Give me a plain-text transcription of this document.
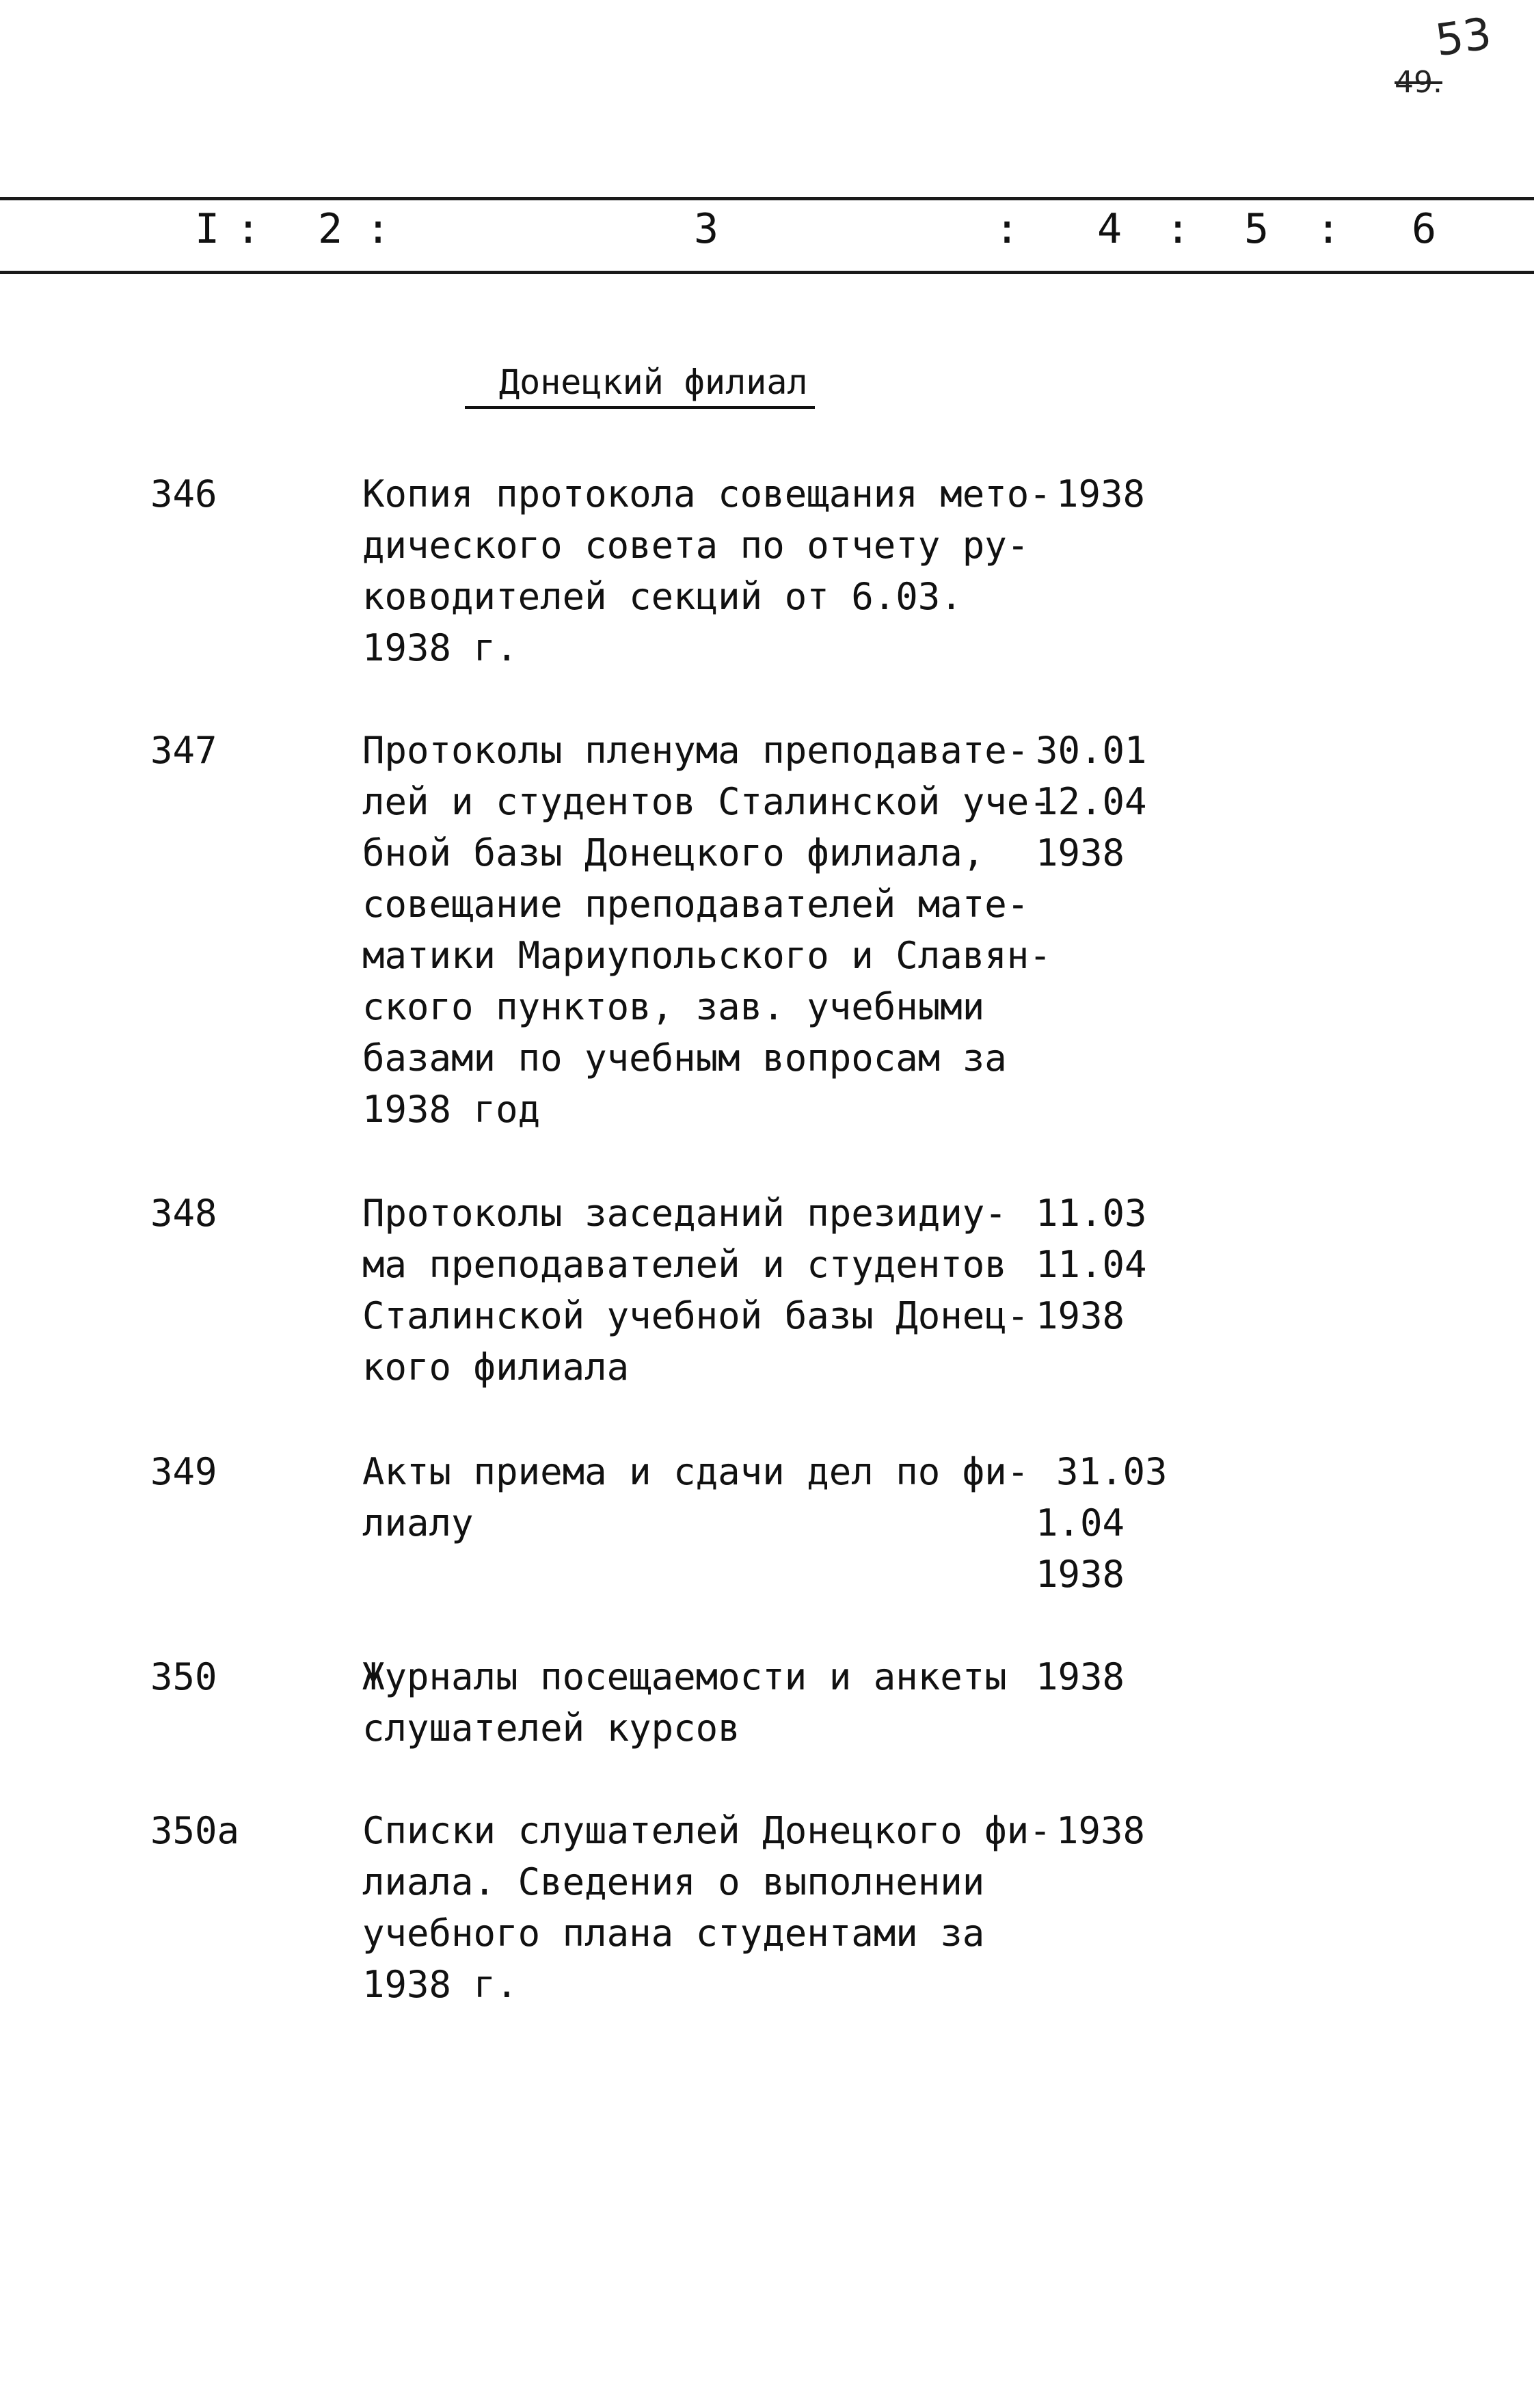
53
49.
I : 2 :	3	: 4 : 5 : 6
Донецкий филиал
346	Копия протокола совещания мето-
дического совета по отчету ру-
ководителей секций от 6.03.
1938 г.
1938
347	Протоколы пленума преподавате-
лей и студентов Сталинской уче-
бной базы Донецкого филиала,
совещание преподавателей мате-
матики Мариупольского и Славян-
ского пунктов, зав. учебными
базами по учебным вопросам за
1938 год
30.01
12.04
1938
348	Протоколы заседаний президиу-
ма преподавателей и студентов
Сталинской учебной базы Донец-
кого филиала
11.03
11.04
1938
349	Акты приема и сдачи дел по фи-
лиалу
31.03
1.04
1938
350	Журналы посещаемости и анкеты
слушателей курсов
1938
350а	Списки слушателей Донецкого фи-
лиала. Сведения о выполнении
учебного плана студентами за
1938 г.
1938
